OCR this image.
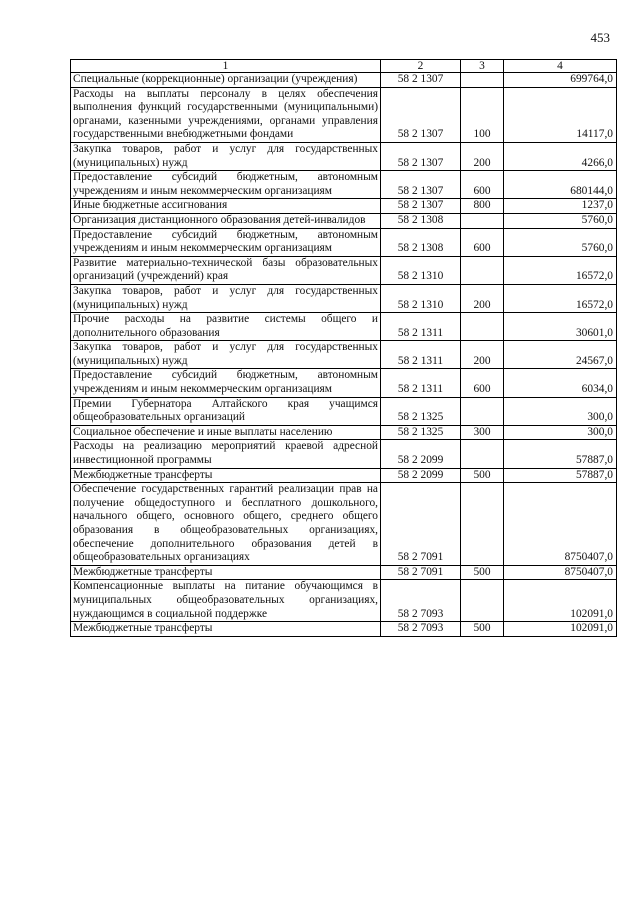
453
1	2	3	4
Специальные (коррекционные) организации (учреждения)	58 2 1307		699764,0
Расходы на выплаты персоналу в целях обеспечения выполнения функций государственными (муниципальными) органами, казенными учреждениями, органами управления государственными внебюджетными фондами	58 2 1307	100	14117,0
Закупка товаров, работ и услуг для государственных (муниципальных) нужд	58 2 1307	200	4266,0
Предоставление субсидий бюджетным, автономным учреждениям и иным некоммерческим организациям	58 2 1307	600	680144,0
Иные бюджетные ассигнования	58 2 1307	800	1237,0
Организация дистанционного образования детей-инвалидов	58 2 1308		5760,0
Предоставление субсидий бюджетным, автономным учреждениям и иным некоммерческим организациям	58 2 1308	600	5760,0
Развитие материально-технической базы образовательных организаций (учреждений) края	58 2 1310		16572,0
Закупка товаров, работ и услуг для государственных (муниципальных) нужд	58 2 1310	200	16572,0
Прочие расходы на развитие системы общего и дополнительного образования	58 2 1311		30601,0
Закупка товаров, работ и услуг для государственных (муниципальных) нужд	58 2 1311	200	24567,0
Предоставление субсидий бюджетным, автономным учреждениям и иным некоммерческим организациям	58 2 1311	600	6034,0
Премии Губернатора Алтайского края учащимся общеобразовательных организаций	58 2 1325		300,0
Социальное обеспечение и иные выплаты населению	58 2 1325	300	300,0
Расходы на реализацию мероприятий краевой адресной инвестиционной программы	58 2 2099		57887,0
Межбюджетные трансферты	58 2 2099	500	57887,0
Обеспечение государственных гарантий реализации прав на получение общедоступного и бесплатного дошкольного, начального общего, основного общего, среднего общего образования в общеобразовательных организациях, обеспечение дополнительного образования детей в общеобразовательных организациях	58 2 7091		8750407,0
Межбюджетные трансферты	58 2 7091	500	8750407,0
Компенсационные выплаты на питание обучающимся в муниципальных общеобразовательных организациях, нуждающимся в социальной поддержке	58 2 7093		102091,0
Межбюджетные трансферты	58 2 7093	500	102091,0
